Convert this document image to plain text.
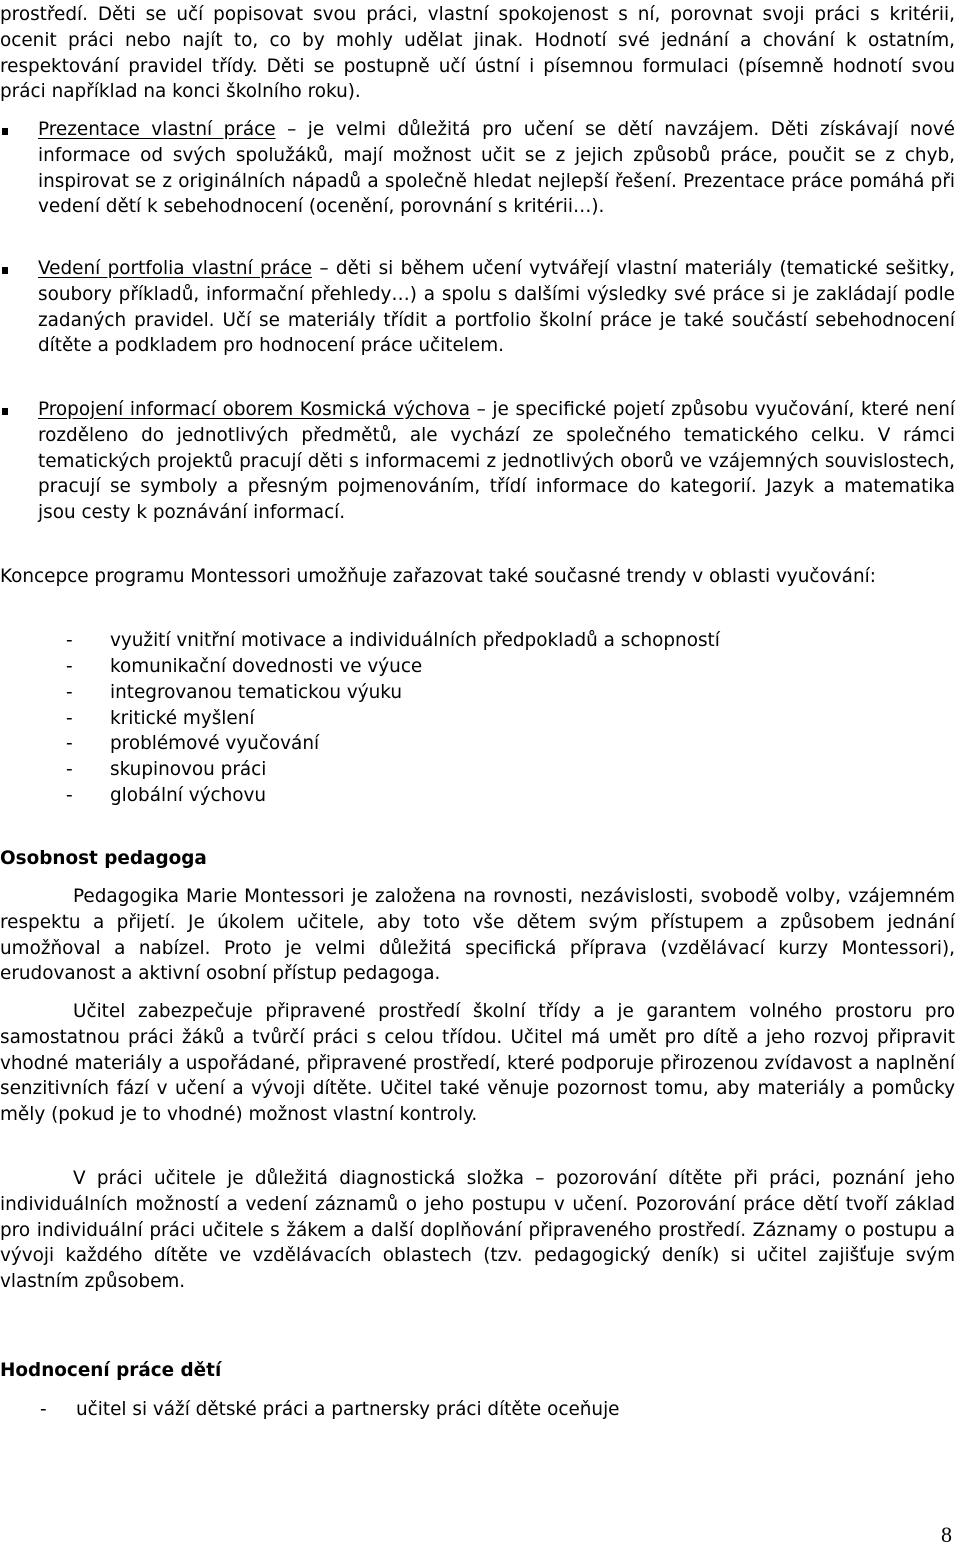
prostředí. Děti se učí popisovat svou práci, vlastní spokojenost s ní, porovnat svoji práci s kritérii, ocenit práci nebo najít to, co by mohly udělat jinak. Hodnotí své jednání a chování k ostatním, respektování pravidel třídy. Děti se postupně učí ústní i písemnou formulaci (písemně hodnotí svou práci například na konci školního roku).

Prezentace vlastní práce – je velmi důležitá pro učení se dětí navzájem. Děti získávají nové informace od svých spolužáků, mají možnost učit se z jejich způsobů práce, poučit se z chyb, inspirovat se z originálních nápadů a společně hledat nejlepší řešení. Prezentace práce pomáhá při vedení dětí k sebehodnocení (ocenění, porovnání s kritérii…).

Vedení portfolia vlastní práce – děti si během učení vytvářejí vlastní materiály (tematické sešitky, soubory příkladů, informační přehledy…) a spolu s dalšími výsledky své práce si je zakládají podle zadaných pravidel. Učí se materiály třídit a portfolio školní práce je také součástí sebehodnocení dítěte a podkladem pro hodnocení práce učitelem.

Propojení informací oborem Kosmická výchova – je specifické pojetí způsobu vyučování, které není rozděleno do jednotlivých předmětů, ale vychází ze společného tematického celku. V rámci tematických projektů pracují děti s informacemi z jednotlivých oborů ve vzájemných souvislostech, pracují se symboly a přesným pojmenováním, třídí informace do kategorií. Jazyk a matematika jsou cesty k poznávání informací.

Koncepce programu Montessori umožňuje zařazovat také současné trendy v oblasti vyučování:

- využití vnitřní motivace a individuálních předpokladů a schopností
- komunikační dovednosti ve výuce
- integrovanou tematickou výuku
- kritické myšlení
- problémové vyučování
- skupinovou práci
- globální výchovu
Osobnost pedagoga

Pedagogika Marie Montessori je založena na rovnosti, nezávislosti, svobodě volby, vzájemném respektu a přijetí. Je úkolem učitele, aby toto vše dětem svým přístupem a způsobem jednání umožňoval a nabízel. Proto je velmi důležitá specifická příprava (vzdělávací kurzy Montessori), erudovanost a aktivní osobní přístup pedagoga.

Učitel zabezpečuje připravené prostředí školní třídy a je garantem volného prostoru pro samostatnou práci žáků a tvůrčí práci s celou třídou. Učitel má umět pro dítě a jeho rozvoj připravit vhodné materiály a uspořádané, připravené prostředí, které podporuje přirozenou zvídavost a naplnění senzitivních fází v učení a vývoji dítěte. Učitel také věnuje pozornost tomu, aby materiály a pomůcky měly (pokud je to vhodné) možnost vlastní kontroly.

V práci učitele je důležitá diagnostická složka – pozorování dítěte při práci, poznání jeho individuálních možností a vedení záznamů o jeho postupu v učení. Pozorování práce dětí tvoří základ pro individuální práci učitele s žákem a další doplňování připraveného prostředí. Záznamy o postupu a vývoji každého dítěte ve vzdělávacích oblastech (tzv. pedagogický deník) si učitel zajišťuje svým vlastním způsobem.

Hodnocení práce dětí
- učitel si váží dětské práci a partnersky práci dítěte oceňuje
8
